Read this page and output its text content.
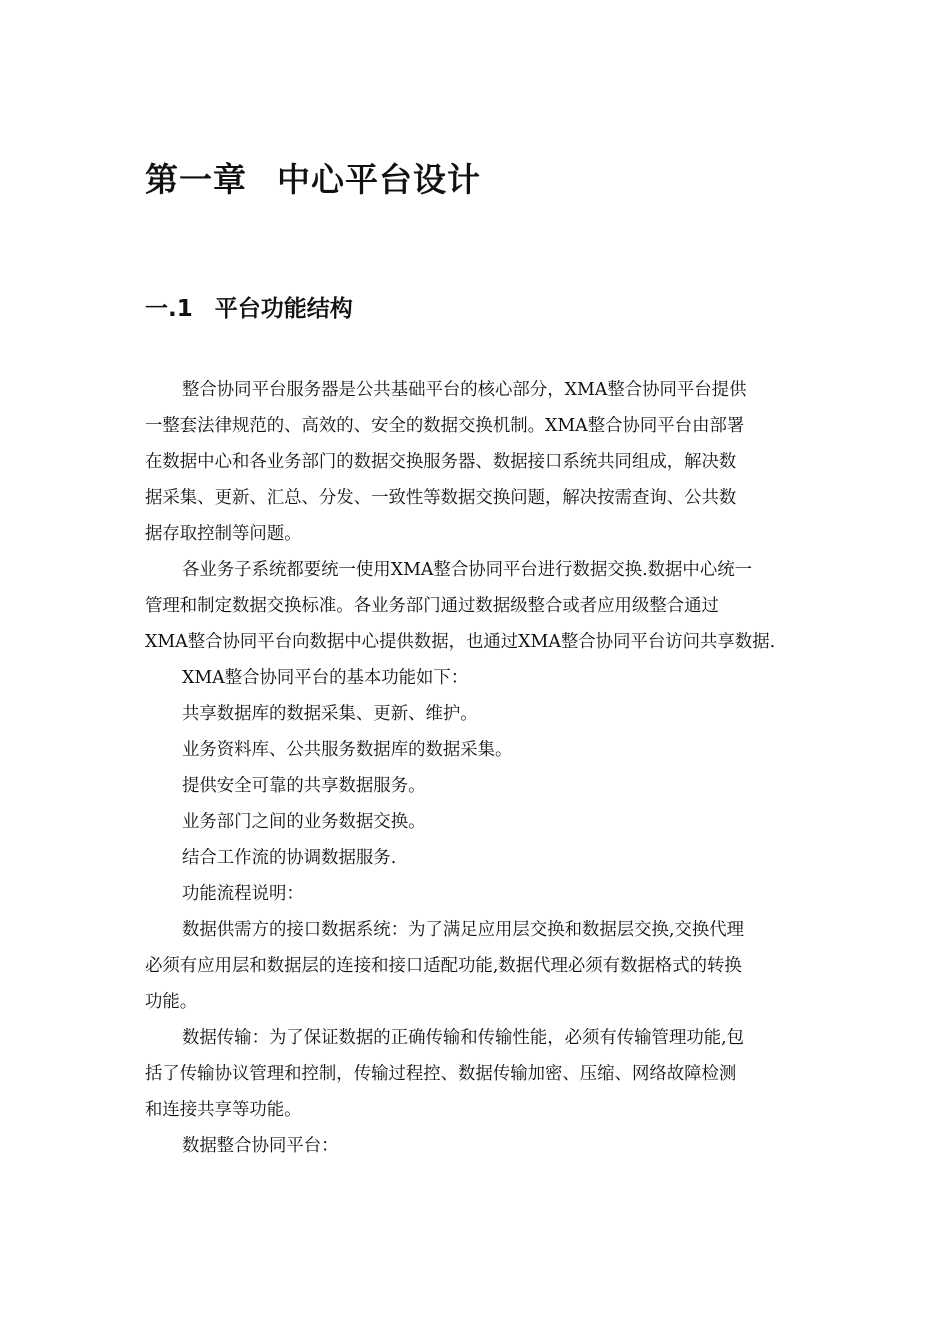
第一章 中心平台设计
一.1 平台功能结构
整合协同平台服务器是公共基础平台的核心部分，XMA整合协同平台提供
一整套法律规范的、高效的、安全的数据交换机制。XMA整合协同平台由部署
在数据中心和各业务部门的数据交换服务器、数据接口系统共同组成，解决数
据采集、更新、汇总、分发、一致性等数据交换问题，解决按需查询、公共数
据存取控制等问题。
各业务子系统都要统一使用XMA整合协同平台进行数据交换.数据中心统一
管理和制定数据交换标准。各业务部门通过数据级整合或者应用级整合通过
XMA整合协同平台向数据中心提供数据，也通过XMA整合协同平台访问共享数据.
XMA整合协同平台的基本功能如下：
共享数据库的数据采集、更新、维护。
业务资料库、公共服务数据库的数据采集。
提供安全可靠的共享数据服务。
业务部门之间的业务数据交换。
结合工作流的协调数据服务.
功能流程说明：
数据供需方的接口数据系统：为了满足应用层交换和数据层交换,交换代理
必须有应用层和数据层的连接和接口适配功能,数据代理必须有数据格式的转换
功能。
数据传输：为了保证数据的正确传输和传输性能，必须有传输管理功能,包
括了传输协议管理和控制，传输过程控、数据传输加密、压缩、网络故障检测
和连接共享等功能。
数据整合协同平台：
